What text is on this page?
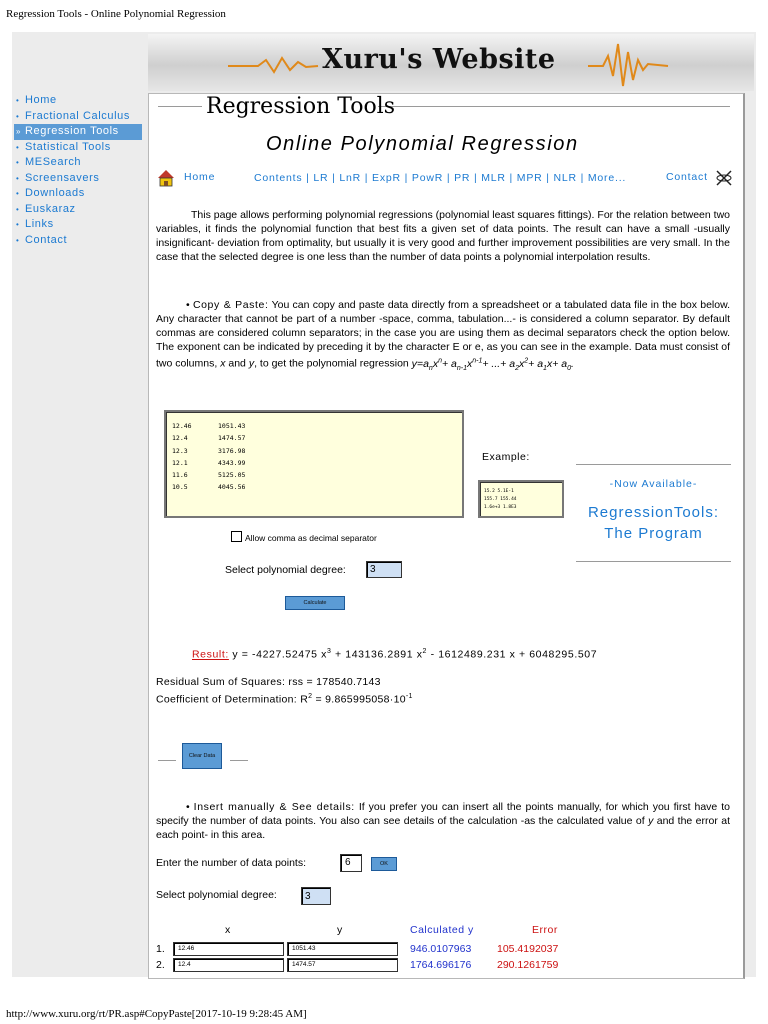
Regression Tools - Online Polynomial Regression
Xuru's Website
• Home
• Fractional Calculus
» Regression Tools
• Statistical Tools
• MESearch
• Screensavers
• Downloads
• Euskaraz
• Links
• Contact
Regression Tools
Online Polynomial Regression
Home	Contents | LR | LnR | ExpR | PowR | PR | MLR | MPR | NLR | More...	Contact
This page allows performing polynomial regressions (polynomial least squares fittings). For the relation between two variables, it finds the polynomial function that best fits a given set of data points. The result can have a small -usually insignificant- deviation from optimality, but usually it is very good and further improvement possibilities are very small. In the case that the selected degree is one less than the number of data points a polynomial interpolation results.
• Copy & Paste: You can copy and paste data directly from a spreadsheet or a tabulated data file in the box below. Any character that cannot be part of a number -space, comma, tabulation...- is considered a column separator. By default commas are considered column separators; in the case you are using them as decimal separators check the option below. The exponent can be indicated by preceding it by the character E or e, as you can see in the example. Data must consist of two columns, x and y, to get the polynomial regression $y=a_nx^n+ a_{n-1}x^{n-1}+$ ...+ $a_2x^2+ a_1x+ a_0$.
12.46	1051.43
12.4	1474.57
12.3	3176.98
12.1	4343.99
11.6	5125.05
10.5	4045.56
Example:
15.2 5.1E-1
155.7 155.44
1.6e+3 1.8E3
-Now Available-
RegressionTools:
The Program
Allow comma as decimal separator
Select polynomial degree:	3
Calculate
Result: y = -4227.52475 $x^3 + 143136.2891$ $x^2 - 1612489.231$ x + 6048295.507
Residual Sum of Squares: rss = 178540.7143
Coefficient of Determination: $R^2 = 9.865995058\cdot 10^{-1}$
Clear Data
• Insert manually & See details: If you prefer you can insert all the points manually, for which you first have to specify the number of data points. You also can see details of the calculation -as the calculated value of y and the error at each point- in this area.
Enter the number of data points:	6	OK
Select polynomial degree:	3
x	y	Calculated y	Error
1.	12.46	1051.43	946.0107963 105.4192037
2.	12.4	1474.57	1764.696176 290.1261759
http://www.xuru.org/rt/PR.asp#CopyPaste[2017-10-19 9:28:45 AM]
